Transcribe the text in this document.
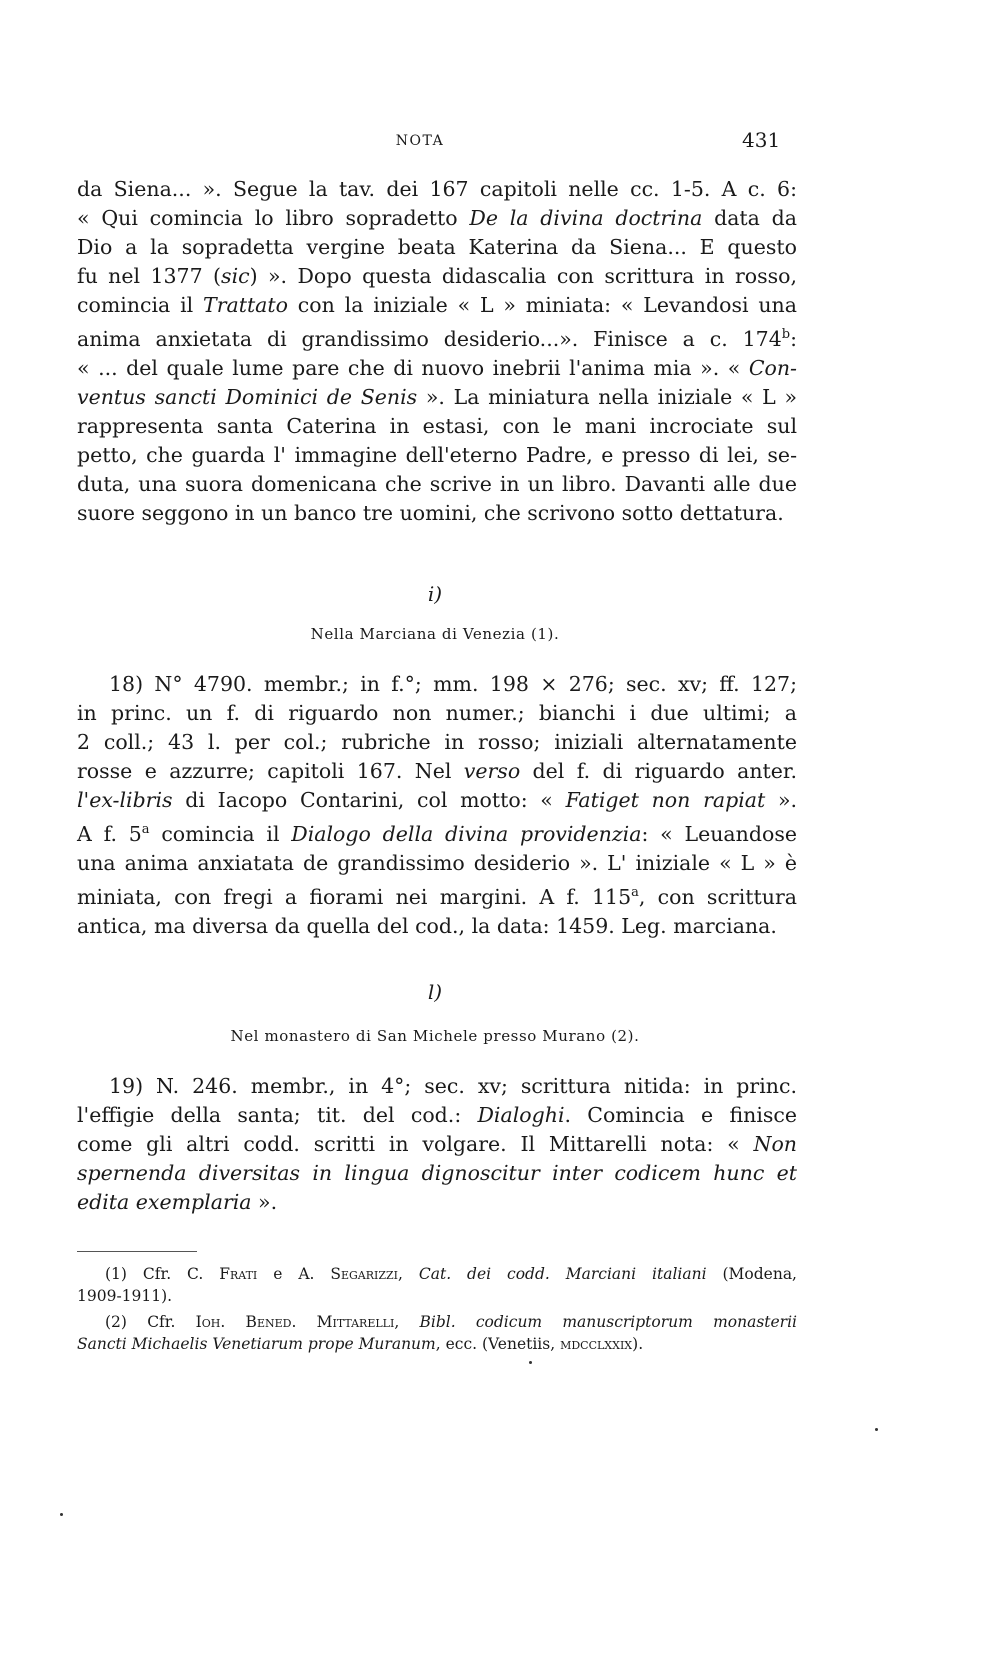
NOTA	431
da Siena... ». Segue la tav. dei 167 capitoli nelle cc. 1-5. A c. 6:
« Qui comincia lo libro sopradetto De la divina doctrina data da
Dio a la sopradetta vergine beata Katerina da Siena... E questo
fu nel 1377 (sic) ». Dopo questa didascalia con scrittura in rosso,
comincia il Trattato con la iniziale « L » miniata: « Levandosi una
anima anxietata di grandissimo desiderio...». Finisce a c. 174$^b$:
« ... del quale lume pare che di nuovo inebrii l'anima mia ». « Con-
ventus sancti Dominici de Senis ». La miniatura nella iniziale « L »
rappresenta santa Caterina in estasi, con le mani incrociate sul
petto, che guarda l' immagine dell'eterno Padre, e presso di lei, se-
duta, una suora domenicana che scrive in un libro. Davanti alle due
suore seggono in un banco tre uomini, che scrivono sotto dettatura.
i)
Nella Marciana di Venezia (1).
18) N° 4790. membr.; in f.°; mm. 198 × 276; sec. xv; ff. 127;
in princ. un f. di riguardo non numer.; bianchi i due ultimi; a
2 coll.; 43 l. per col.; rubriche in rosso; iniziali alternatamente
rosse e azzurre; capitoli 167. Nel verso del f. di riguardo anter.
l'ex-libris di Iacopo Contarini, col motto: « Fatiget non rapiat ».
A f. 5$^a$ comincia il Dialogo della divina providenzia: « Leuandose
una anima anxiatata de grandissimo desiderio ». L' iniziale « L » è
miniata, con fregi a fiorami nei margini. A f. 115$^a$, con scrittura
antica, ma diversa da quella del cod., la data: 1459. Leg. marciana.
l)
Nel monastero di San Michele presso Murano (2).
19) N. 246. membr., in 4°; sec. xv; scrittura nitida: in princ.
l'effigie della santa; tit. del cod.: Dialoghi. Comincia e finisce
come gli altri codd. scritti in volgare. Il Mittarelli nota: « Non
spernenda diversitas in lingua dignoscitur inter codicem hunc et
edita exemplaria ».
(1) Cfr. C. Frati e A. Segarizzi, Cat. dei codd. Marciani italiani (Modena,
1909-1911).
(2) Cfr. Ioh. Bened. Mittarelli, Bibl. codicum manuscriptorum monasterii
Sancti Michaelis Venetiarum prope Muranum, ecc. (Venetiis, mdcclxxix).
